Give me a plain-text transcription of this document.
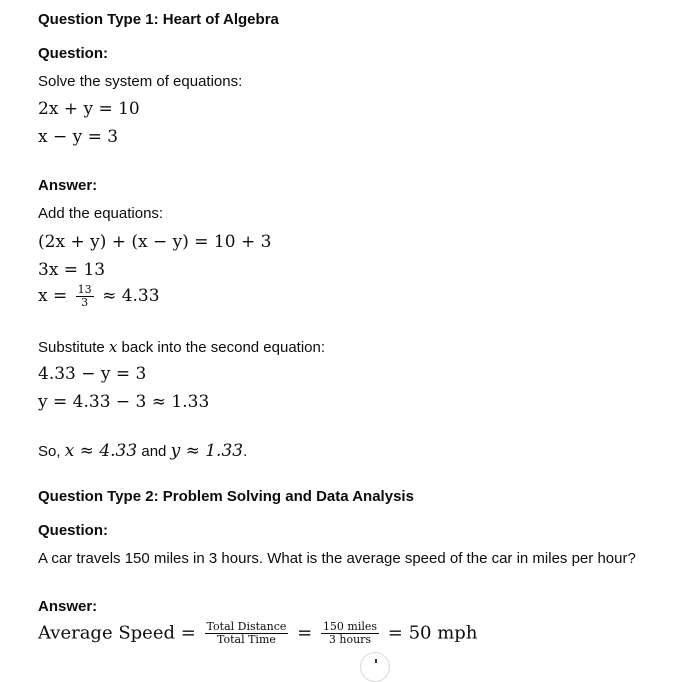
Question Type 1: Heart of Algebra
Question:
Solve the system of equations:
2x + y = 10
x − y = 3
Answer:
Add the equations:
(2x + y) + (x − y) = 10 + 3
3x = 13
$x = \frac{13}{3} \approx 4.33$
Substitute x back into the second equation:
4.33 − y = 3
y = 4.33 − 3 ≈ 1.33
So, x ≈ 4.33 and y ≈ 1.33.
Question Type 2: Problem Solving and Data Analysis
Question:
A car travels 150 miles in 3 hours. What is the average speed of the car in miles per hour?
Answer:
Average Speed = $\frac{\text{Total Distance}}{\text{Total Time}} = \frac{\text{150 miles}}{\text{3 hours}} = 50$ mph
